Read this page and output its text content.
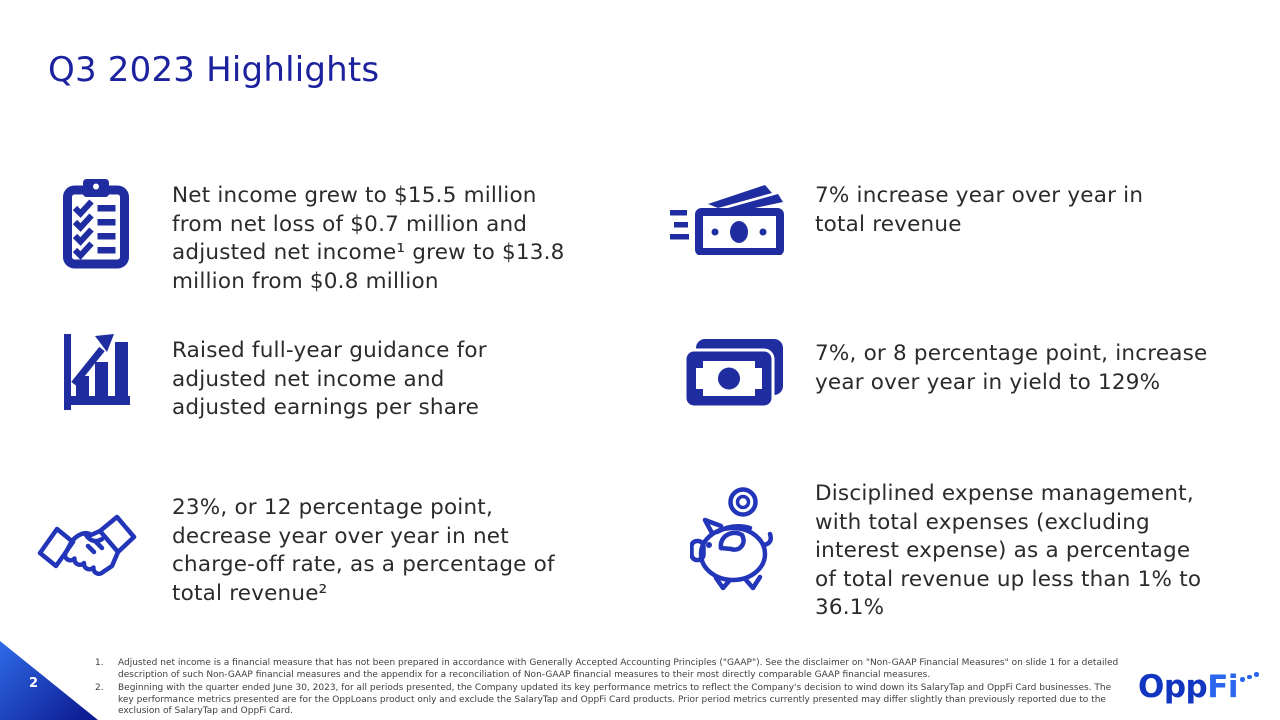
Q3 2023 Highlights
Net income grew to $15.5 million
from net loss of $0.7 million and
adjusted net income¹ grew to $13.8
million from $0.8 million
7% increase year over year in
total revenue
Raised full-year guidance for
adjusted net income and
adjusted earnings per share
7%, or 8 percentage point, increase
year over year in yield to 129%
23%, or 12 percentage point,
decrease year over year in net
charge-off rate, as a percentage of
total revenue²
Disciplined expense management,
with total expenses (excluding
interest expense) as a percentage
of total revenue up less than 1% to
36.1%
1.	Adjusted net income is a financial measure that has not been prepared in accordance with Generally Accepted Accounting Principles ("GAAP"). See the disclaimer on "Non-GAAP Financial Measures" on slide 1 for a detailed description of such Non-GAAP financial measures and the appendix for a reconciliation of Non-GAAP financial measures to their most directly comparable GAAP financial measures.
2.	Beginning with the quarter ended June 30, 2023, for all periods presented, the Company updated its key performance metrics to reflect the Company's decision to wind down its SalaryTap and OppFi Card businesses. The key performance metrics presented are for the OppLoans product only and exclude the SalaryTap and OppFi Card products. Prior period metrics currently presented may differ slightly than previously reported due to the exclusion of SalaryTap and OppFi Card.
2	OppFi
